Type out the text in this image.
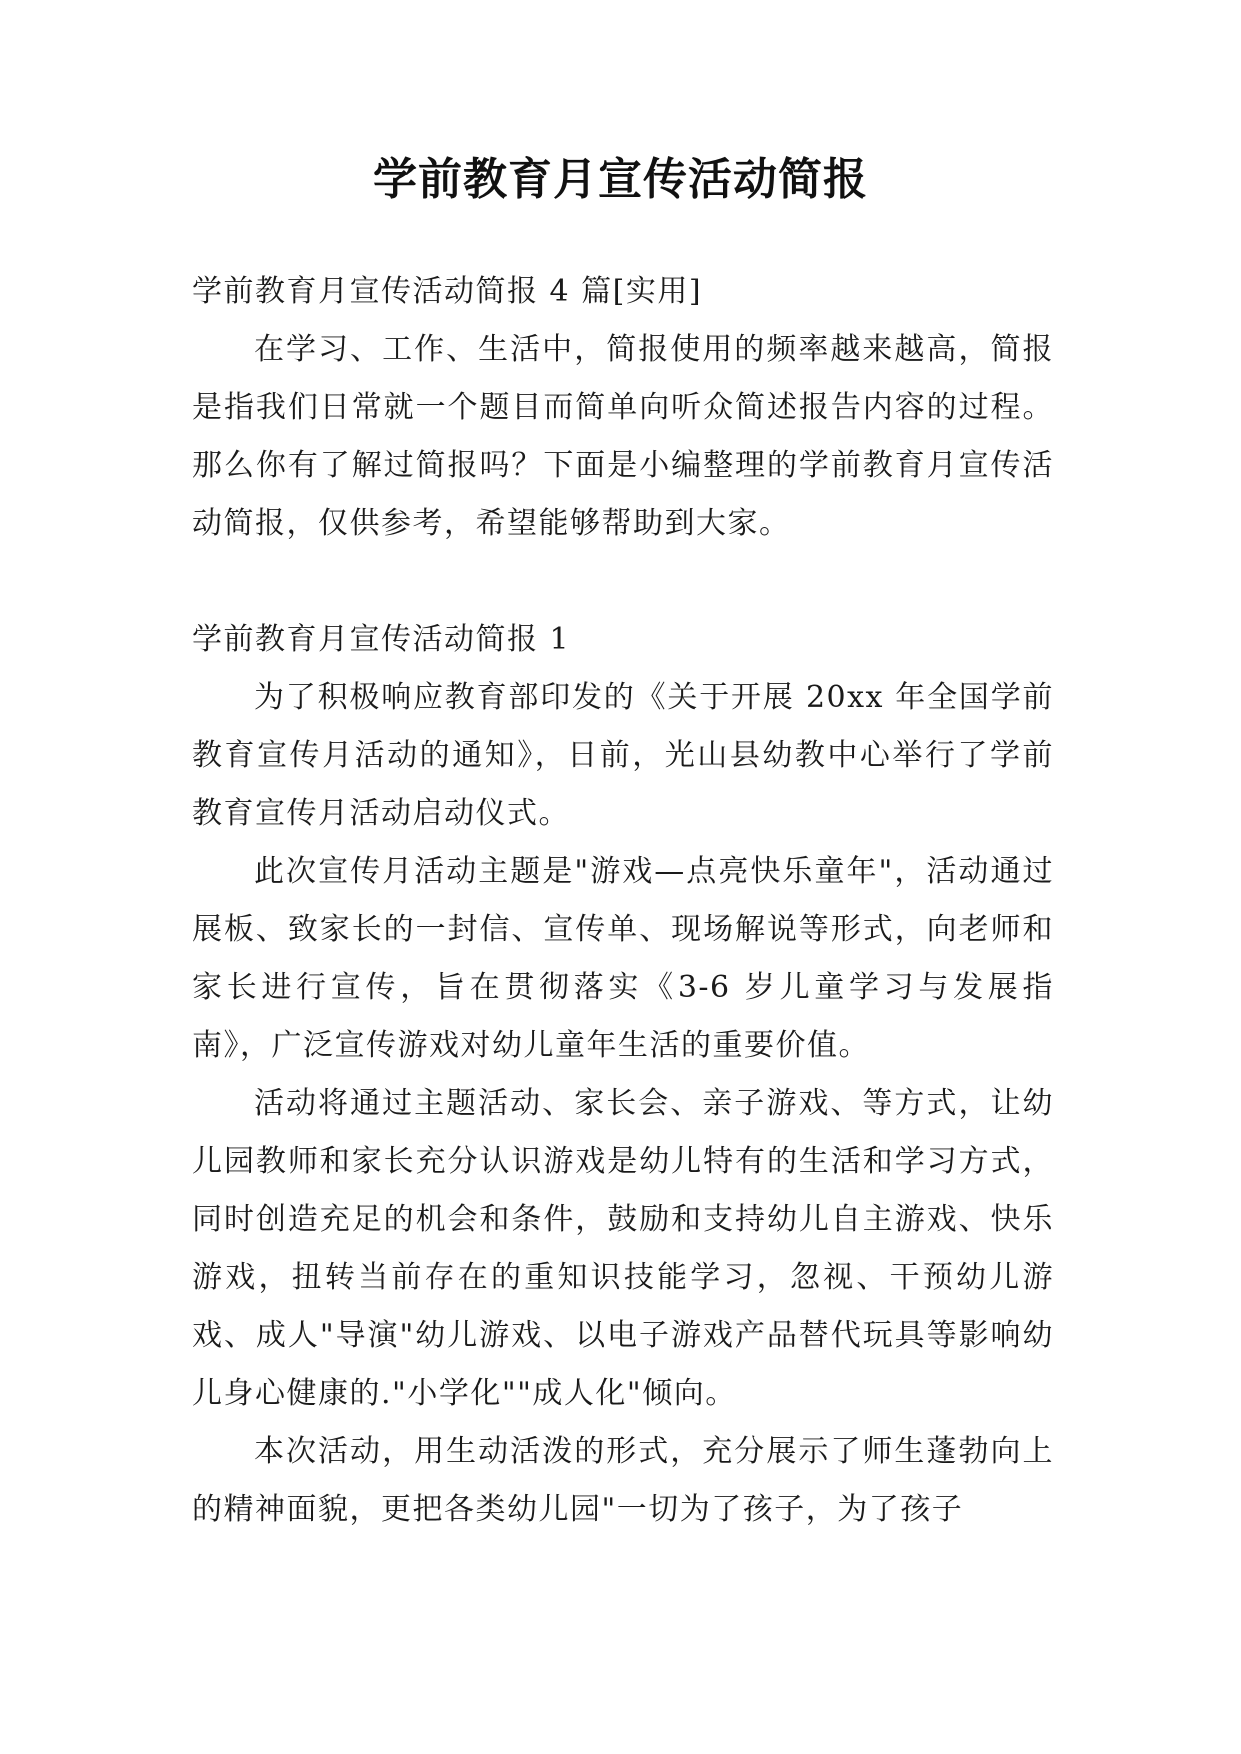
学前教育月宣传活动简报

学前教育月宣传活动简报 4 篇[实用]

在学习、工作、生活中，简报使用的频率越来越高，简报是指我们日常就一个题目而简单向听众简述报告内容的过程。那么你有了解过简报吗？下面是小编整理的学前教育月宣传活动简报，仅供参考，希望能够帮助到大家。

学前教育月宣传活动简报 1

为了积极响应教育部印发的《关于开展 20xx 年全国学前教育宣传月活动的通知》，日前，光山县幼教中心举行了学前教育宣传月活动启动仪式。

此次宣传月活动主题是"游戏—点亮快乐童年"，活动通过展板、致家长的一封信、宣传单、现场解说等形式，向老师和家长进行宣传，旨在贯彻落实《3-6 岁儿童学习与发展指南》，广泛宣传游戏对幼儿童年生活的重要价值。

活动将通过主题活动、家长会、亲子游戏、等方式，让幼儿园教师和家长充分认识游戏是幼儿特有的生活和学习方式，同时创造充足的机会和条件，鼓励和支持幼儿自主游戏、快乐游戏，扭转当前存在的重知识技能学习，忽视、干预幼儿游戏、成人"导演"幼儿游戏、以电子游戏产品替代玩具等影响幼儿身心健康的."小学化""成人化"倾向。

本次活动，用生动活泼的形式，充分展示了师生蓬勃向上的精神面貌，更把各类幼儿园"一切为了孩子，为了孩子
